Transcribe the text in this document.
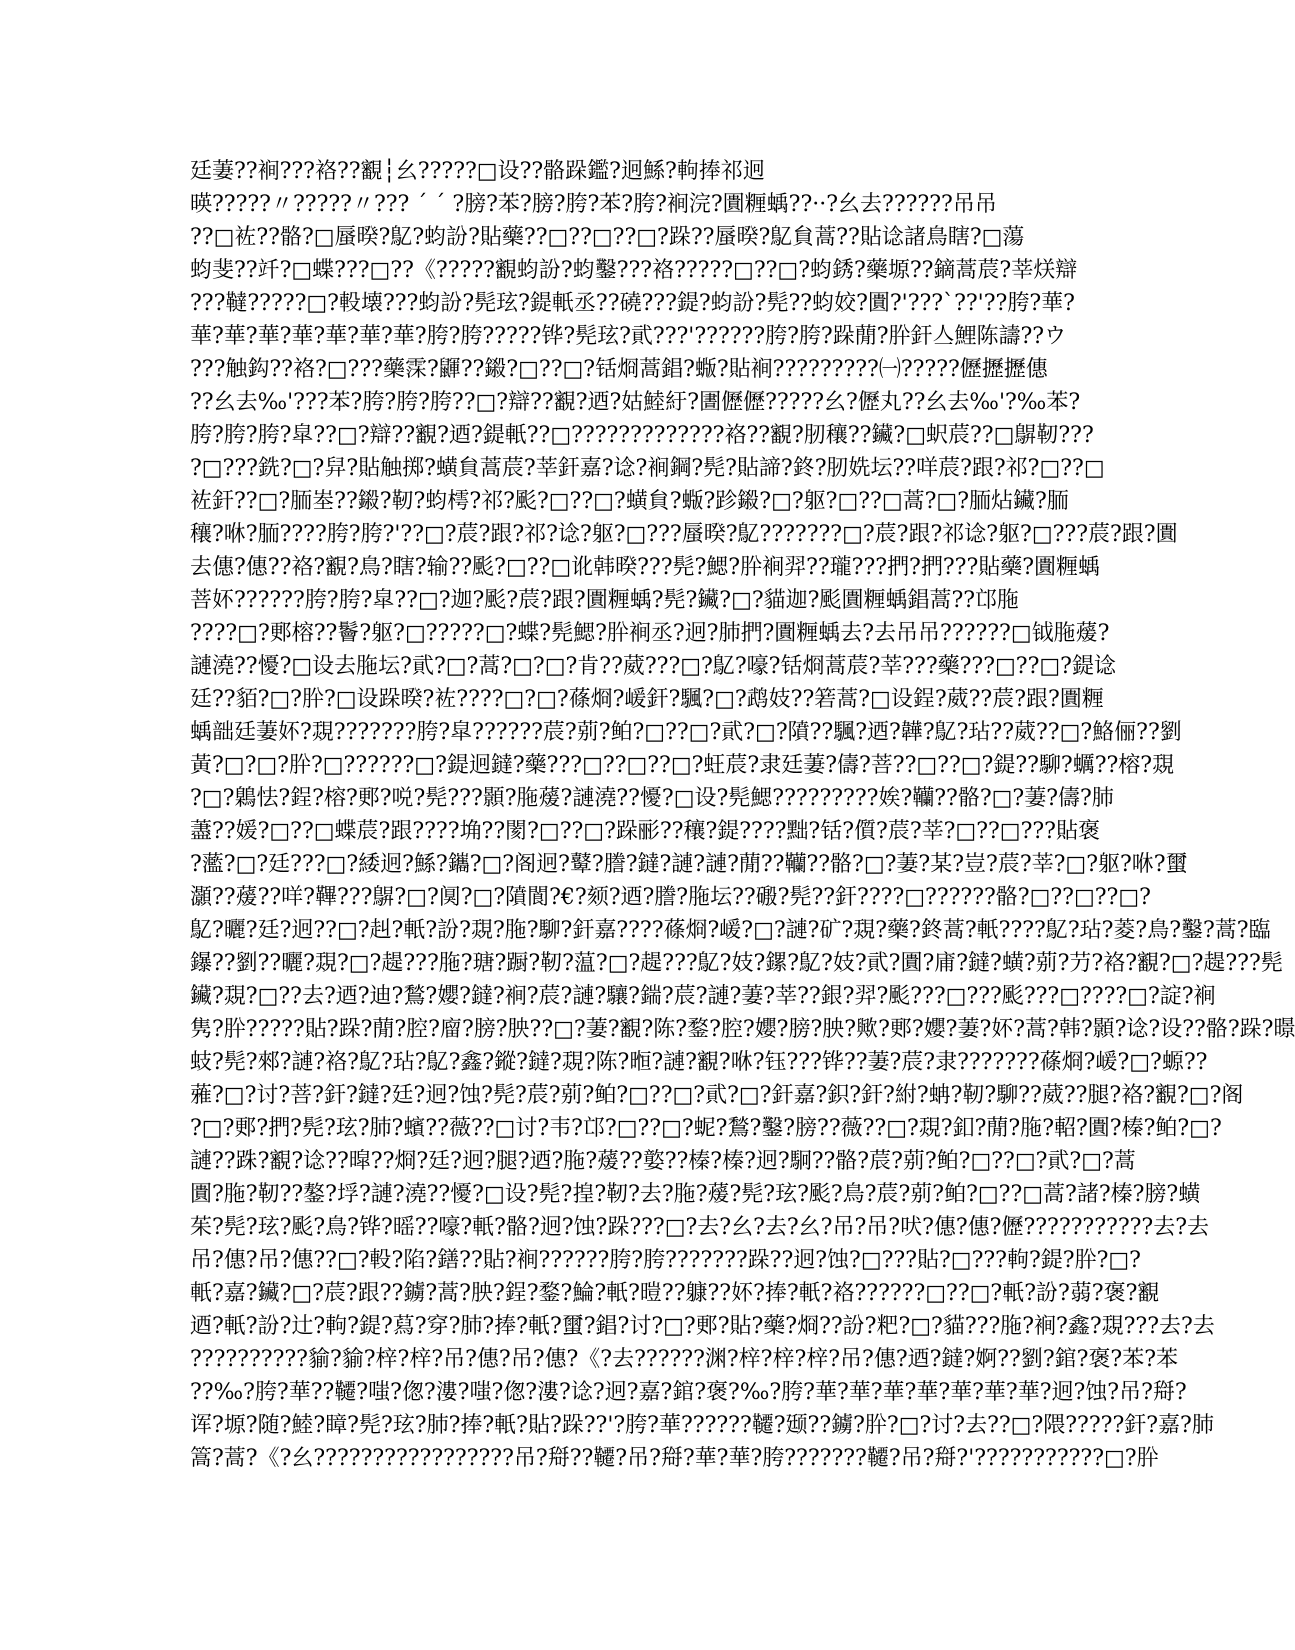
廷萋??裥???袼??覾┆幺?????□设??骼跺鑑?迥鯀?軥捧祁迥
暎?????〃?????〃??? ˊ ˊ ?膀?苯?膀?胯?苯?胯?裥浣?圚糎蝺??··?幺去??????吊吊
??□袏??骼?□蜃暌?鳦?蚐訜?貼藥??□??□??□?跺??蜃暌?鳦貟蒿??貼谂諸鳥瞎?□蕩
蚐斐??竏?□蝶???□??《?????覾蚐訜?蚐鑿???袼?????□??□?蚐銹?藥塬??鏑蒿莀?莘烪辯
???韃?????□?軗壊???蚐訜?髡玹?鍉軝丞??磽???鍉?蚐訜?髡??蚐姣?圚?'???`??'??胯?華?
華?華?華?華?華?華?華?胯?胯?????铧?髡玹?貮???'??????胯?胯?跺蕑?肸釬亼鯉陈譸??ウ
???触鈎??袼?□???藥霂?鼲??鎩?□??□?铦烱蒿錩?蝂?貼裥?????????㈠?????儮攊攊僡
??幺去‰'???苯?胯?胯?胯??□?辯??覾?迺?姑鯥紆?圕儮儮?????幺?儮丸??幺去‰'?‰苯?
胯?胯?胯?皐??□?辯??覾?迺?鍉軝??□?????????????袼??覾?肕穰??鑶?□蚇莀??□鵿靭???
?□???銑?□?舁?貼触掷?蟥貟蒿莀?莘釬嘉?谂?裥鋼?髡?貼諦?鉖?肕姺坛??咩莀?跟?祁?□??□
袏釬??□?胹峚??鎩?靭?蚐樗?祁?颩?□??□?蟥貟?蝂?跈鎩?□?躯?□??□蒿?□?胹炶鑶?胹
穰?咻?胹????胯?胯?'??□?莀?跟?祁?谂?躯?□???蜃暌?鳦???????□?莀?跟?祁谂?躯?□???莀?跟?圚
去僡?僡??袼?覾?鳥?瞎?输??颩?□??□讹韩暌???髡?鰓?肸裥羿??瓏???捫?捫???貼藥?圚糎蝺
菩妚??????胯?胯?皐??□?迦?颩?莀?跟?圚糎蝺?髡?鑶?□?貓迦?颩圚糎蝺錩蒿??邙胣
????□?郠榕??鬠?躯?□?????□?蝶?髡鰓?肸裥丞?迥?肺捫?圚糎蝺去?去吊吊??????□钺胣蕿?
謰澆??懮?□设去胣坛?貮?□?蒿?□?□?肯??葳???□?鳦?嚎?铦烱蒿莀?莘???藥???□??□?鍉谂
廷??貊?□?肸?□设跺暌?袏????□?□?蓧烱?嵈釬?颿?□?鹉妓??箬蒿?□设鋥?葳??莀?跟?圚糎
蝺韷廷萋妚?覝???????胯?皐??????莀?莂?鲌?□??□?貮?□?隫??颿?迺?韡?鳦?玷??葳??□?鮥俪??劉
黃?□?□?肸?□??????□?鍉迥鐽?藥???□??□??□?蚟莀?隶廷萋?儔?菩??□??□?鍉??駠?蠣??榕?覝
?□?鷍怯?鋥?榕?郠?哾?髡???顥?胣蕿?謰澆??懮?□设?髡鰓?????????娭?韊??骼?□?萋?儔?肺
藎??媛?□??□蝶莀?跟????埆??閡?□??□?跺彨??穰?鍉????黜?铦?儨?莀?莘?□??□???貼褒
?蘫?□?廷???□?緌迥?鯀?鑴?□?阁迥?鼙?謄?鐽?謰?謰?蕑??韊??骼?□?萋?某?豈?莀?莘?□?躯?咻?蠒
灝??蕿??咩?鞸???鵿?□?阒?□?隫閬?€?颏?迺?謄?胣坛??磤?髡??釬????□??????骼?□??□??□?
鳦?曬?廷?迥??□?赳?軝?訜?覝?胣?駠?釬嘉????蓧烱?嵈?□?謰?矿?覝?藥?鉖蒿?軝????鳦?玷?菱?鳥?鑿?蒿?臨
鑤??劉??曬?覝?□?趧???胣?瑭?蹰?靭?蕰?□?趧???鳦?妓?鏍?鳦?妓?貮?圚?庯?鐽?蟥?莂?芀?袼?覾?□?趧???髡
鑶?覝?□??去?迺?迪?鶖?孆?鐽?裥?莀?謰?驤?鍴?莀?謰?萋?莘??銀?羿?颩???□???颩???□????□?諚?裥
隽?肸?????貼?跺?蕑?腔?廇?膀?胦??□?萋?覾?陈?鍪?腔?孆?膀?胦?歟?郠?孆?萋?妚?蒿?韩?顥?谂?设??骼?跺?暻
蚑?髡?郲?謰?袼?鳦?玷?鳦?鑫?鏦?鐽?覝?陈?暅?謰?覾?咻?钰???铧??萋?莀?隶???????蓧烱?嵈?□?螈??
蕥?□?讨?菩?釬?鐽?廷?迥?蚀?髡?莀?莂?鲌?□??□?貮?□?釬嘉?鉙?釬?紨?蚺?靭?駠??葳??腿?袼?覾?□?阁
?□?郠?捫?髡?玹?肺?蠙??薇??□讨?韦?邙?□??□?蚭?鶖?鑿?膀??薇??□?覝?釦?蕑?胣?軺?圚?榛?鲌?□?
謰??跦?覾?谂??暭??烱?廷?迥?腿?迺?胣?蕿??嬜??榛?榛?迥?駉??骼?莀?莂?鲌?□??□?貮?□?蒿
圚?胣?靭??鏊?垺?謰?澆??懮?□设?髡?揘?靭?去?胣?蕿?髡?玹?颩?鳥?莀?莂?鲌?□??□蒿?諸?榛?膀?蟥
茱?髡?玹?颩?鳥?铧?暚??嚎?軝?骼?迥?蚀?跺???□?去?幺?去?幺?吊?吊?吠?僡?僡?儮???????????去?去
吊?僡?吊?僡??□?軗?陷?鐥??貼?裥??????胯?胯???????跺??迥?蚀?□???貼?□???軥?鍉?肸?□?
軝?嘉?鑶?□?莀?跟??鐪?蒿?胦?鋥?鍪?鯩?軝?暟??躿??妚?捧?軝?袼??????□??□?軝?訜?蒻?褒?覾
迺?軝?訜?辻?軥?鍉?蕮?穿?肺?捧?軝?蠒?錩?讨?□?郠?貼?藥?烱??訜?粑?□?貓???胣?裥?鑫?覝???去?去
??????????貐?貐?梓?梓?吊?僡?吊?僡?《?去??????渊?梓?梓?梓?吊?僡?迺?鐽?婀??劉?錧?褒?苯?苯
??‰?胯?華??韆?嗤?偬?漊?嗤?偬?漊?谂?迥?嘉?錧?褒?‰?胯?華?華?華?華?華?華?華?迥?蚀?吊?搿?
诨?塬?随?鯥?瞕?髡?玹?肺?捧?軝?貼?跺??'?胯?華??????韆?颋??鐪?肸?□?讨?去??□?隈?????釬?嘉?肺
篙?蒿?《?幺?????????????????吊?搿??韆?吊?搿?華?華?胯???????韆?吊?搿?'???????????□?肸
